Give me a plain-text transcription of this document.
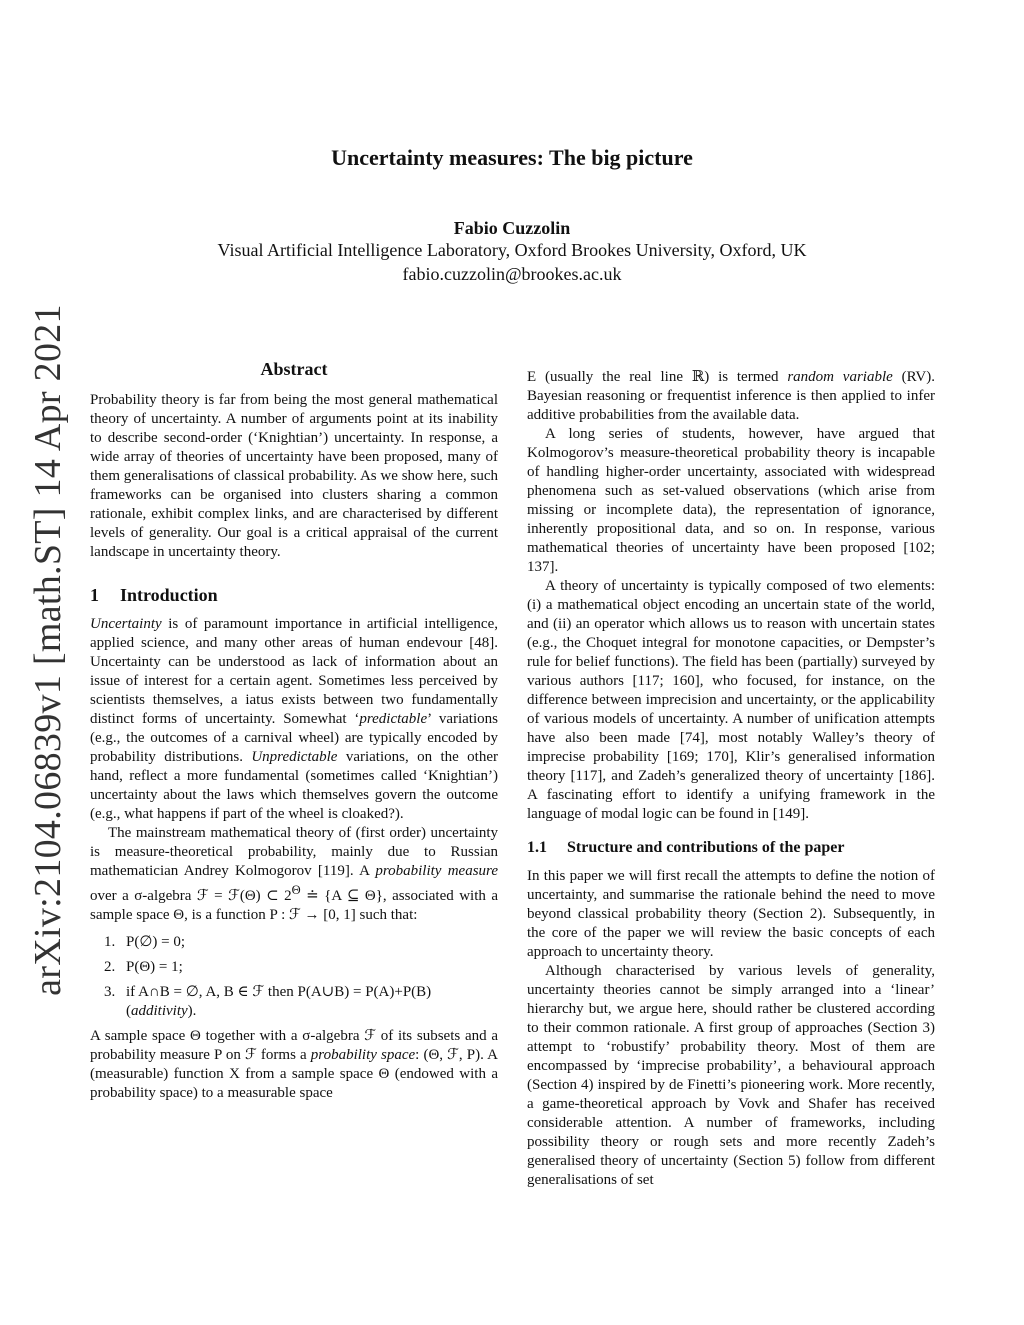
arXiv:2104.06839v1 [math.ST] 14 Apr 2021
Uncertainty measures: The big picture
Fabio Cuzzolin
Visual Artificial Intelligence Laboratory, Oxford Brookes University, Oxford, UK
fabio.cuzzolin@brookes.ac.uk
Abstract

Probability theory is far from being the most general mathematical theory of uncertainty. A number of arguments point at its inability to describe second-order (‘Knightian’) uncertainty. In response, a wide array of theories of uncertainty have been proposed, many of them generalisations of classical probability. As we show here, such frameworks can be organised into clusters sharing a common rationale, exhibit complex links, and are characterised by different levels of generality. Our goal is a critical appraisal of the current landscape in uncertainty theory.

1 Introduction

Uncertainty is of paramount importance in artificial intelligence, applied science, and many other areas of human endevour [48]. Uncertainty can be understood as lack of information about an issue of interest for a certain agent. Sometimes less perceived by scientists themselves, a iatus exists between two fundamentally distinct forms of uncertainty. Somewhat ‘predictable’ variations (e.g., the outcomes of a carnival wheel) are typically encoded by probability distributions. Unpredictable variations, on the other hand, reflect a more fundamental (sometimes called ‘Knightian’) uncertainty about the laws which themselves govern the outcome (e.g., what happens if part of the wheel is cloaked?).

The mainstream mathematical theory of (first order) uncertainty is measure-theoretical probability, mainly due to Russian mathematician Andrey Kolmogorov [119]. A probability measure over a σ-algebra ℱ = ℱ(Θ) ⊂ $2^\Theta$ ≐ {A ⊆ Θ}, associated with a sample space Θ, is a function P : ℱ → [0, 1] such that:

1. P(∅) = 0;
2. P(Θ) = 1;
3. if A∩B = ∅, A, B ∈ ℱ then P(A∪B) = P(A)+P(B)
(additivity).

A sample space Θ together with a σ-algebra ℱ of its subsets and a probability measure P on ℱ forms a probability space: (Θ, ℱ, P). A (measurable) function X from a sample space Θ (endowed with a probability space) to a measurable space

E (usually the real line ℝ) is termed random variable (RV). Bayesian reasoning or frequentist inference is then applied to infer additive probabilities from the available data.

A long series of students, however, have argued that Kolmogorov’s measure-theoretical probability theory is incapable of handling higher-order uncertainty, associated with widespread phenomena such as set-valued observations (which arise from missing or incomplete data), the representation of ignorance, inherently propositional data, and so on. In response, various mathematical theories of uncertainty have been proposed [102; 137].

A theory of uncertainty is typically composed of two elements: (i) a mathematical object encoding an uncertain state of the world, and (ii) an operator which allows us to reason with uncertain states (e.g., the Choquet integral for monotone capacities, or Dempster’s rule for belief functions). The field has been (partially) surveyed by various authors [117; 160], who focused, for instance, on the difference between imprecision and uncertainty, or the applicability of various models of uncertainty. A number of unification attempts have also been made [74], most notably Walley’s theory of imprecise probability [169; 170], Klir’s generalised information theory [117], and Zadeh’s generalized theory of uncertainty [186]. A fascinating effort to identify a unifying framework in the language of modal logic can be found in [149].

1.1 Structure and contributions of the paper

In this paper we will first recall the attempts to define the notion of uncertainty, and summarise the rationale behind the need to move beyond classical probability theory (Section 2). Subsequently, in the core of the paper we will review the basic concepts of each approach to uncertainty theory.

Although characterised by various levels of generality, uncertainty theories cannot be simply arranged into a ‘linear’ hierarchy but, we argue here, should rather be clustered according to their common rationale. A first group of approaches (Section 3) attempt to ‘robustify’ probability theory. Most of them are encompassed by ‘imprecise probability’, a behavioural approach (Section 4) inspired by de Finetti’s pioneering work. More recently, a game-theoretical approach by Vovk and Shafer has received considerable attention. A number of frameworks, including possibility theory or rough sets and more recently Zadeh’s generalised theory of uncertainty (Section 5) follow from different generalisations of set
